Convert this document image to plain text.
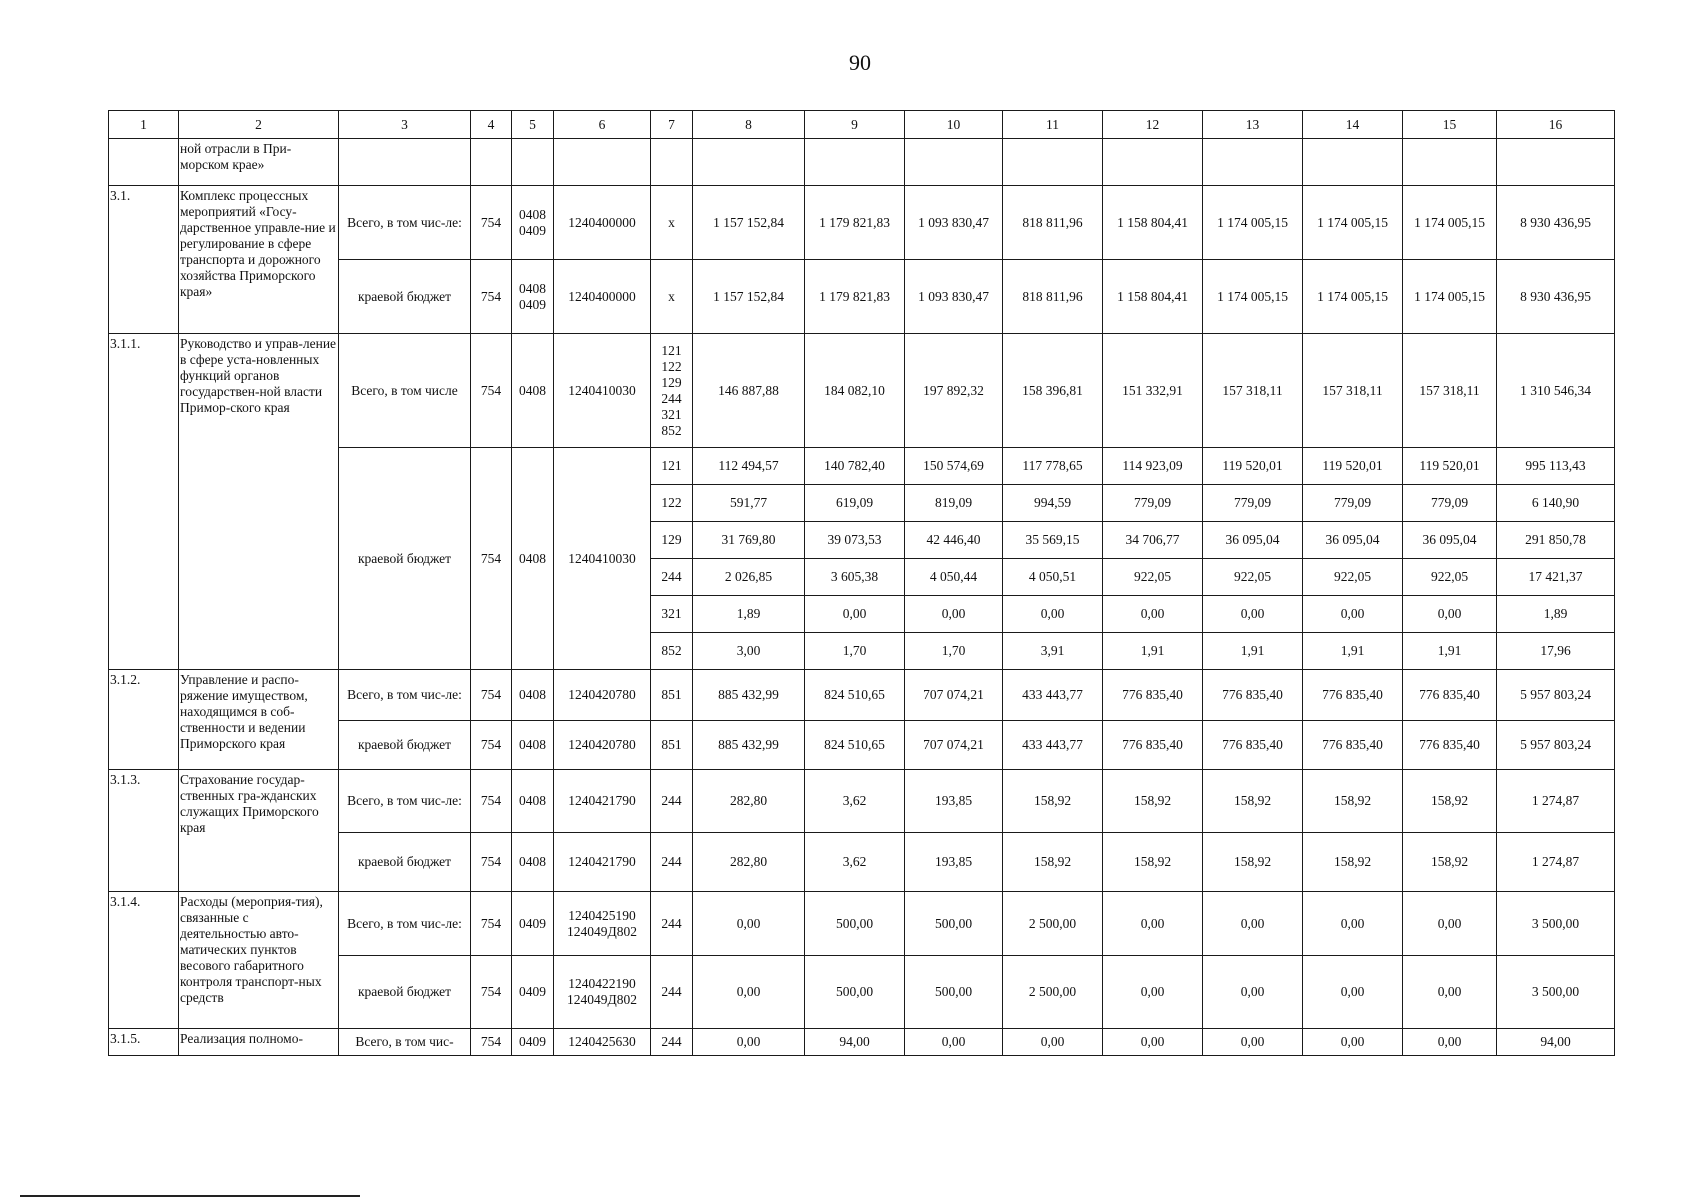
90
1	2	3	4	5	6	7	8	9	10	11	12	13	14	15	16
	ной отрасли в При-морском крае»														
3.1.	Комплекс процессных мероприятий «Госу-дарственное управле-ние и регулирование в сфере транспорта и дорожного хозяйства Приморского края»	Всего, в том чис-ле:	754	0408 0409	1240400000	х	1 157 152,84	1 179 821,83	1 093 830,47	818 811,96	1 158 804,41	1 174 005,15	1 174 005,15	1 174 005,15	8 930 436,95
		краевой бюджет	754	0408 0409	1240400000	х	1 157 152,84	1 179 821,83	1 093 830,47	818 811,96	1 158 804,41	1 174 005,15	1 174 005,15	1 174 005,15	8 930 436,95
3.1.1.	Руководство и управ-ление в сфере уста-новленных функций органов государствен-ной власти Примор-ского края	Всего, в том числе	754	0408	1240410030	121 122 129 244 321 852	146 887,88	184 082,10	197 892,32	158 396,81	151 332,91	157 318,11	157 318,11	157 318,11	1 310 546,34
		краевой бюджет	754	0408	1240410030	121	112 494,57	140 782,40	150 574,69	117 778,65	114 923,09	119 520,01	119 520,01	119 520,01	995 113,43
						122	591,77	619,09	819,09	994,59	779,09	779,09	779,09	779,09	6 140,90
						129	31 769,80	39 073,53	42 446,40	35 569,15	34 706,77	36 095,04	36 095,04	36 095,04	291 850,78
						244	2 026,85	3 605,38	4 050,44	4 050,51	922,05	922,05	922,05	922,05	17 421,37
						321	1,89	0,00	0,00	0,00	0,00	0,00	0,00	0,00	1,89
						852	3,00	1,70	1,70	3,91	1,91	1,91	1,91	1,91	17,96
3.1.2.	Управление и распо-ряжение имуществом, находящимся в соб-ственности и ведении Приморского края	Всего, в том чис-ле:	754	0408	1240420780	851	885 432,99	824 510,65	707 074,21	433 443,77	776 835,40	776 835,40	776 835,40	776 835,40	5 957 803,24
		краевой бюджет	754	0408	1240420780	851	885 432,99	824 510,65	707 074,21	433 443,77	776 835,40	776 835,40	776 835,40	776 835,40	5 957 803,24
3.1.3.	Страхование государ-ственных гра-жданских служащих Приморского края	Всего, в том чис-ле:	754	0408	1240421790	244	282,80	3,62	193,85	158,92	158,92	158,92	158,92	158,92	1 274,87
		краевой бюджет	754	0408	1240421790	244	282,80	3,62	193,85	158,92	158,92	158,92	158,92	158,92	1 274,87
3.1.4.	Расходы (мероприя-тия), связанные с деятельностью авто-матических пунктов весового габаритного контроля транспорт-ных средств	Всего, в том чис-ле:	754	0409	1240425190 124049Д802	244	0,00	500,00	500,00	2 500,00	0,00	0,00	0,00	0,00	3 500,00
		краевой бюджет	754	0409	1240422190 124049Д802	244	0,00	500,00	500,00	2 500,00	0,00	0,00	0,00	0,00	3 500,00
3.1.5.	Реализация полномо-	Всего, в том чис-	754	0409	1240425630	244	0,00	94,00	0,00	0,00	0,00	0,00	0,00	0,00	94,00
